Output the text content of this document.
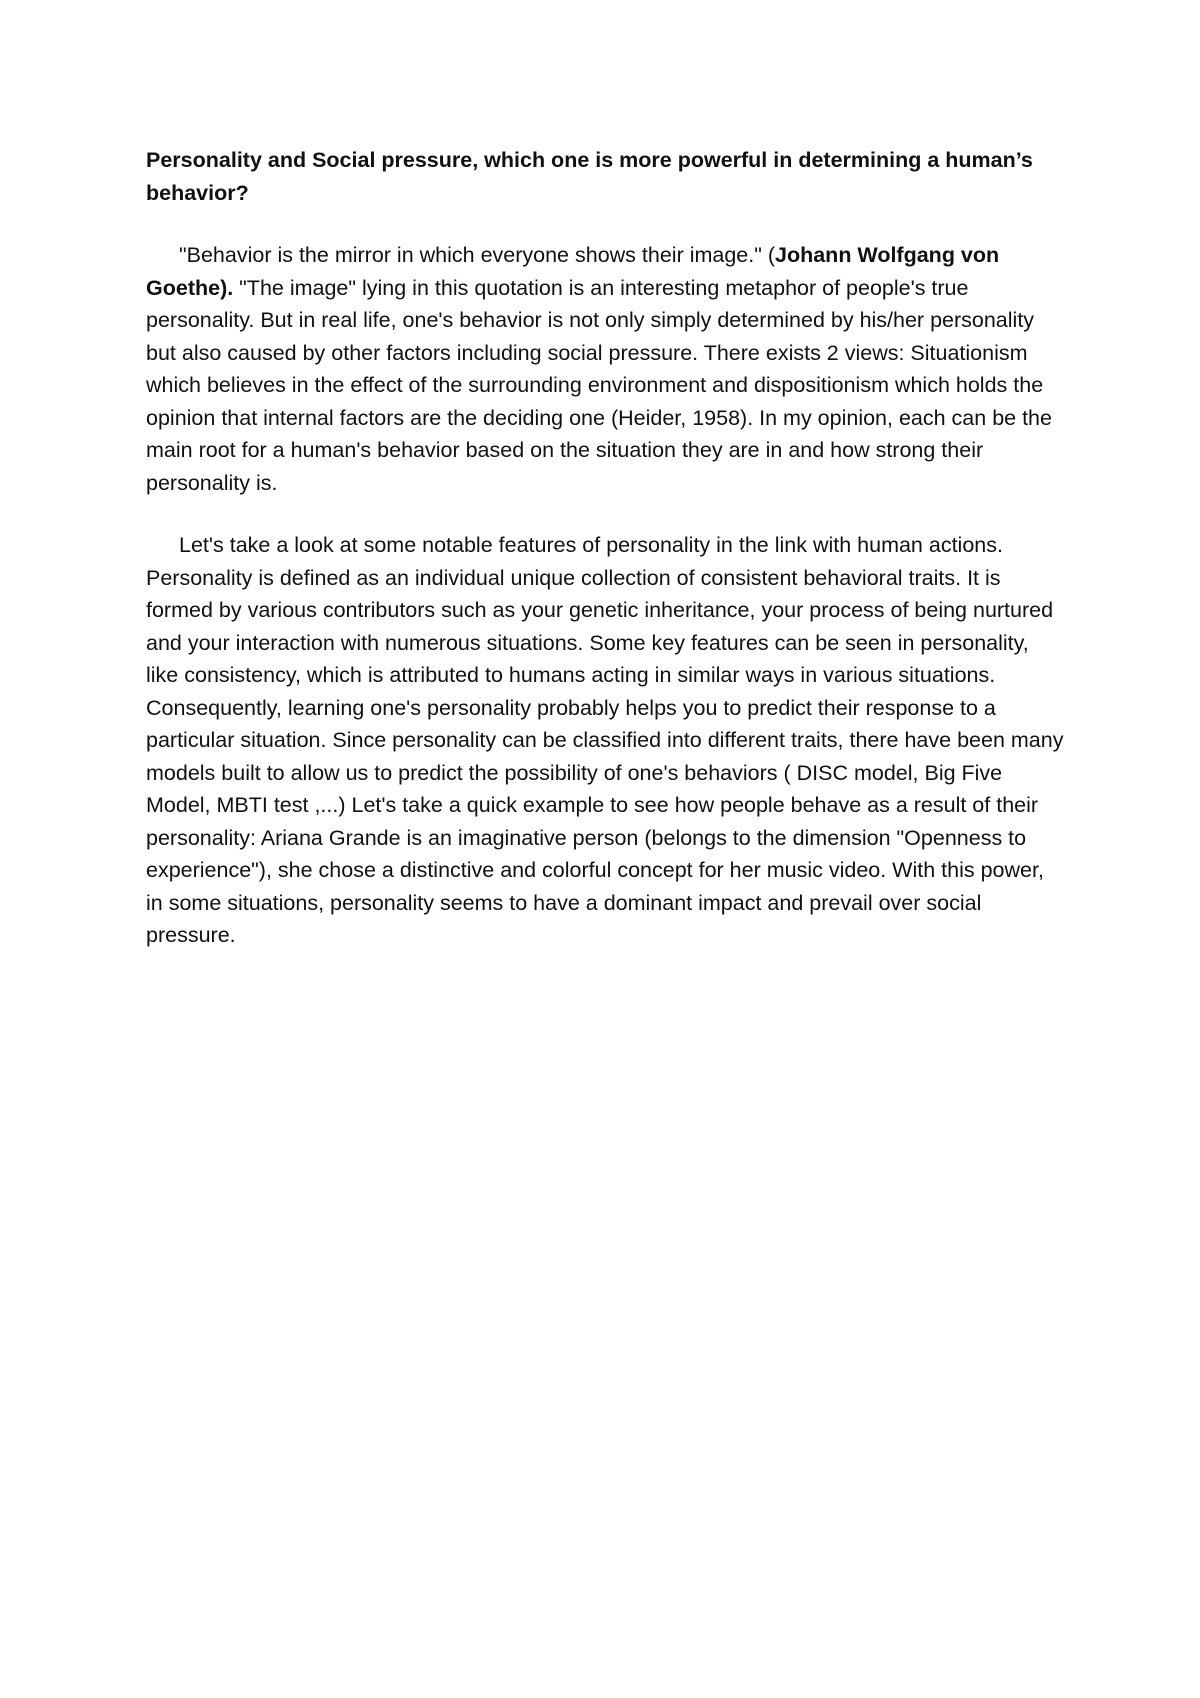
Personality and Social pressure, which one is more powerful in determining a human’s behavior?

"Behavior is the mirror in which everyone shows their image." (Johann Wolfgang von Goethe). "The image" lying in this quotation is an interesting metaphor of people's true personality. But in real life, one's behavior is not only simply determined by his/her personality but also caused by other factors including social pressure. There exists 2 views: Situationism which believes in the effect of the surrounding environment and dispositionism which holds the opinion that internal factors are the deciding one (Heider, 1958). In my opinion, each can be the main root for a human's behavior based on the situation they are in and how strong their personality is.

Let's take a look at some notable features of personality in the link with human actions. Personality is defined as an individual unique collection of consistent behavioral traits. It is formed by various contributors such as your genetic inheritance, your process of being nurtured and your interaction with numerous situations. Some key features can be seen in personality, like consistency, which is attributed to humans acting in similar ways in various situations. Consequently, learning one's personality probably helps you to predict their response to a particular situation. Since personality can be classified into different traits, there have been many models built to allow us to predict the possibility of one's behaviors ( DISC model, Big Five Model, MBTI test ,...) Let's take a quick example to see how people behave as a result of their personality: Ariana Grande is an imaginative person (belongs to the dimension "Openness to experience"), she chose a distinctive and colorful concept for her music video. With this power, in some situations, personality seems to have a dominant impact and prevail over social pressure.
